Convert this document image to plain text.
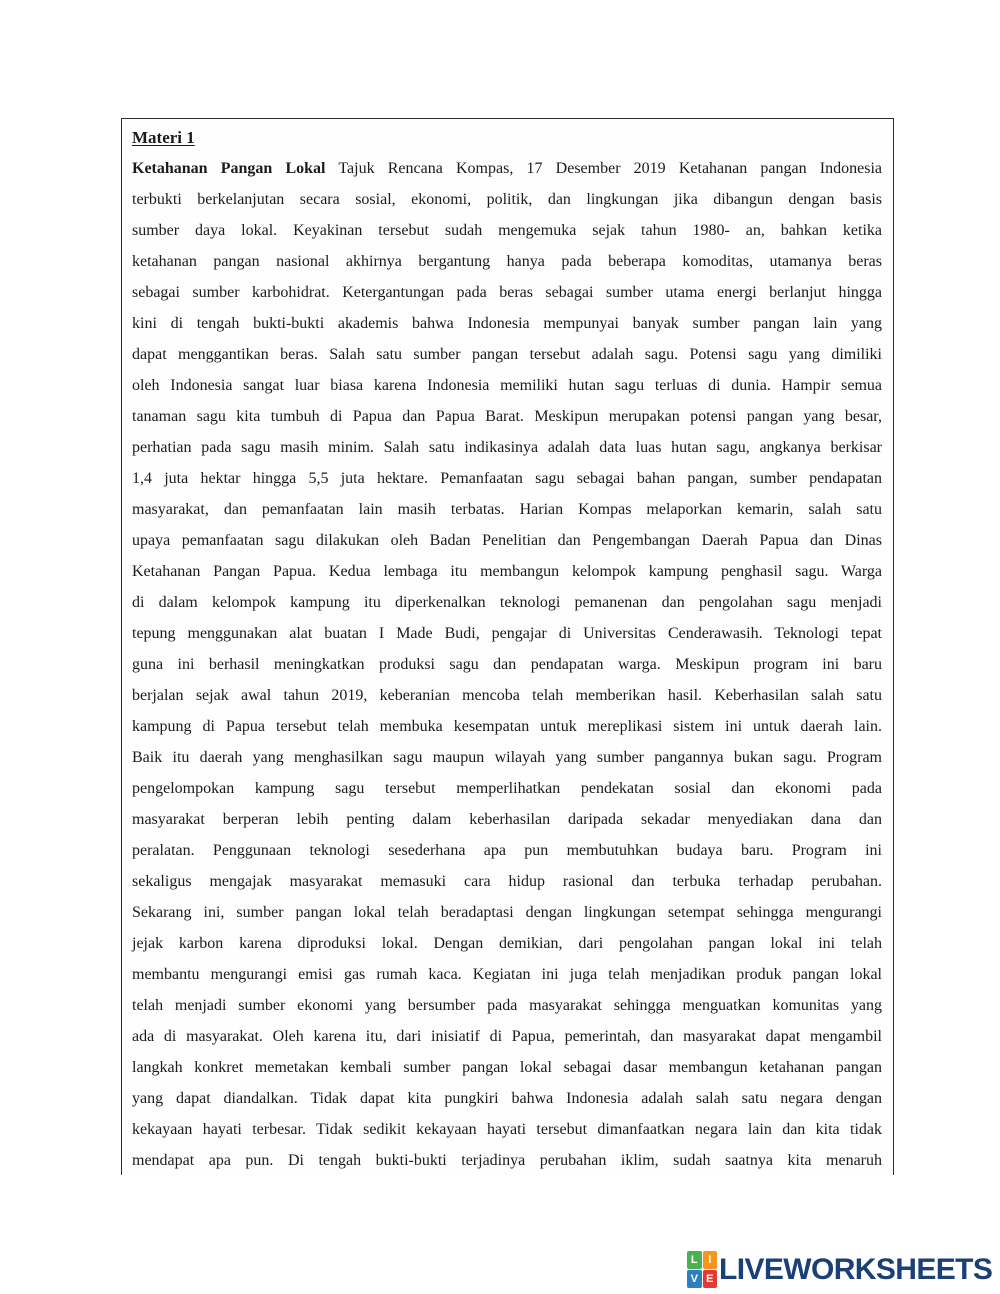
Materi 1
Ketahanan Pangan Lokal Tajuk Rencana Kompas, 17 Desember 2019 Ketahanan pangan Indonesia
terbukti berkelanjutan secara sosial, ekonomi, politik, dan lingkungan jika dibangun dengan basis
sumber daya lokal. Keyakinan tersebut sudah mengemuka sejak tahun 1980- an, bahkan ketika
ketahanan pangan nasional akhirnya bergantung hanya pada beberapa komoditas, utamanya beras
sebagai sumber karbohidrat. Ketergantungan pada beras sebagai sumber utama energi berlanjut hingga
kini di tengah bukti-bukti akademis bahwa Indonesia mempunyai banyak sumber pangan lain yang
dapat menggantikan beras. Salah satu sumber pangan tersebut adalah sagu. Potensi sagu yang dimiliki
oleh Indonesia sangat luar biasa karena Indonesia memiliki hutan sagu terluas di dunia. Hampir semua
tanaman sagu kita tumbuh di Papua dan Papua Barat. Meskipun merupakan potensi pangan yang besar,
perhatian pada sagu masih minim. Salah satu indikasinya adalah data luas hutan sagu, angkanya berkisar
1,4 juta hektar hingga 5,5 juta hektare. Pemanfaatan sagu sebagai bahan pangan, sumber pendapatan
masyarakat, dan pemanfaatan lain masih terbatas. Harian Kompas melaporkan kemarin, salah satu
upaya pemanfaatan sagu dilakukan oleh Badan Penelitian dan Pengembangan Daerah Papua dan Dinas
Ketahanan Pangan Papua. Kedua lembaga itu membangun kelompok kampung penghasil sagu. Warga
di dalam kelompok kampung itu diperkenalkan teknologi pemanenan dan pengolahan sagu menjadi
tepung menggunakan alat buatan I Made Budi, pengajar di Universitas Cenderawasih. Teknologi tepat
guna ini berhasil meningkatkan produksi sagu dan pendapatan warga. Meskipun program ini baru
berjalan sejak awal tahun 2019, keberanian mencoba telah memberikan hasil. Keberhasilan salah satu
kampung di Papua tersebut telah membuka kesempatan untuk mereplikasi sistem ini untuk daerah lain.
Baik itu daerah yang menghasilkan sagu maupun wilayah yang sumber pangannya bukan sagu. Program
pengelompokan kampung sagu tersebut memperlihatkan pendekatan sosial dan ekonomi pada
masyarakat berperan lebih penting dalam keberhasilan daripada sekadar menyediakan dana dan
peralatan. Penggunaan teknologi sesederhana apa pun membutuhkan budaya baru. Program ini
sekaligus mengajak masyarakat memasuki cara hidup rasional dan terbuka terhadap perubahan.
Sekarang ini, sumber pangan lokal telah beradaptasi dengan lingkungan setempat sehingga mengurangi
jejak karbon karena diproduksi lokal. Dengan demikian, dari pengolahan pangan lokal ini telah
membantu mengurangi emisi gas rumah kaca. Kegiatan ini juga telah menjadikan produk pangan lokal
telah menjadi sumber ekonomi yang bersumber pada masyarakat sehingga menguatkan komunitas yang
ada di masyarakat. Oleh karena itu, dari inisiatif di Papua, pemerintah, dan masyarakat dapat mengambil
langkah konkret memetakan kembali sumber pangan lokal sebagai dasar membangun ketahanan pangan
yang dapat diandalkan. Tidak dapat kita pungkiri bahwa Indonesia adalah salah satu negara dengan
kekayaan hayati terbesar. Tidak sedikit kekayaan hayati tersebut dimanfaatkan negara lain dan kita tidak
mendapat apa pun. Di tengah bukti-bukti terjadinya perubahan iklim, sudah saatnya kita menaruh
L I
V E LIVEWORKSHEETS
